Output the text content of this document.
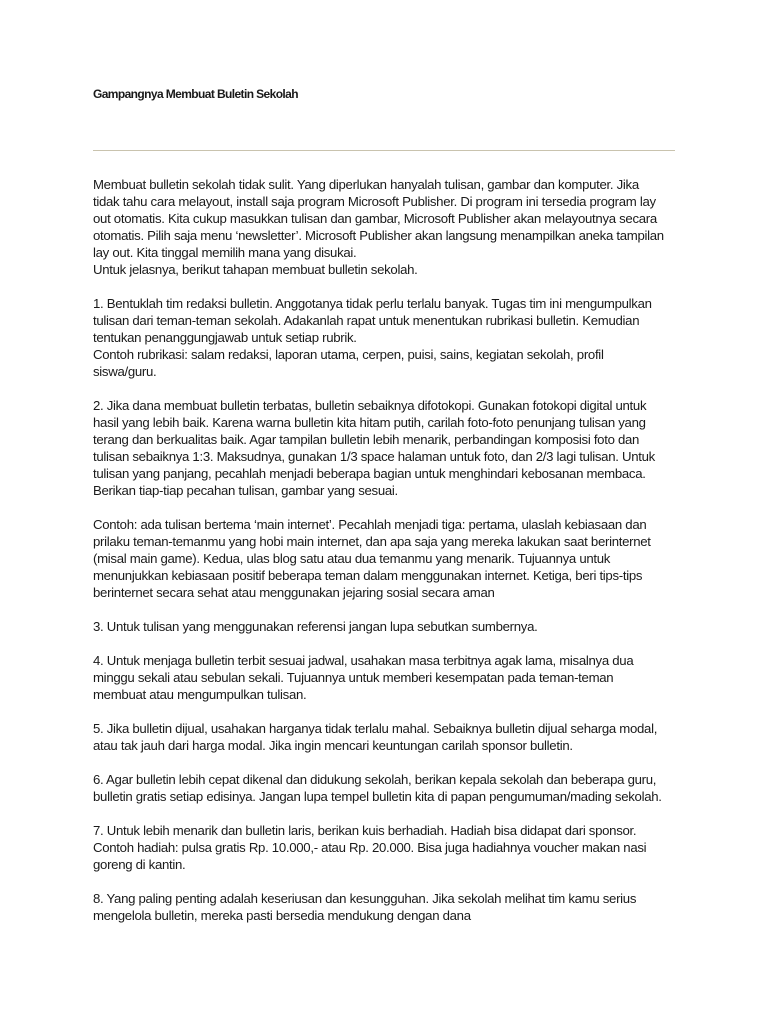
Gampangnya Membuat Buletin Sekolah

Membuat bulletin sekolah tidak sulit. Yang diperlukan hanyalah tulisan, gambar dan komputer. Jika
tidak tahu cara melayout, install saja program Microsoft Publisher. Di program ini tersedia program lay
out otomatis. Kita cukup masukkan tulisan dan gambar, Microsoft Publisher akan melayoutnya secara
otomatis. Pilih saja menu ‘newsletter’. Microsoft Publisher akan langsung menampilkan aneka tampilan
lay out. Kita tinggal memilih mana yang disukai.
Untuk jelasnya, berikut tahapan membuat bulletin sekolah.

1. Bentuklah tim redaksi bulletin. Anggotanya tidak perlu terlalu banyak. Tugas tim ini mengumpulkan
tulisan dari teman-teman sekolah. Adakanlah rapat untuk menentukan rubrikasi bulletin. Kemudian
tentukan penanggungjawab untuk setiap rubrik.
Contoh rubrikasi: salam redaksi, laporan utama, cerpen, puisi, sains, kegiatan sekolah, profil
siswa/guru.

2. Jika dana membuat bulletin terbatas, bulletin sebaiknya difotokopi. Gunakan fotokopi digital untuk
hasil yang lebih baik. Karena warna bulletin kita hitam putih, carilah foto-foto penunjang tulisan yang
terang dan berkualitas baik. Agar tampilan bulletin lebih menarik, perbandingan komposisi foto dan
tulisan sebaiknya 1:3. Maksudnya, gunakan 1/3 space halaman untuk foto, dan 2/3 lagi tulisan. Untuk
tulisan yang panjang, pecahlah menjadi beberapa bagian untuk menghindari kebosanan membaca.
Berikan tiap-tiap pecahan tulisan, gambar yang sesuai.

Contoh: ada tulisan bertema ‘main internet’. Pecahlah menjadi tiga: pertama, ulaslah kebiasaan dan
prilaku teman-temanmu yang hobi main internet, dan apa saja yang mereka lakukan saat berinternet
(misal main game). Kedua, ulas blog satu atau dua temanmu yang menarik. Tujuannya untuk
menunjukkan kebiasaan positif beberapa teman dalam menggunakan internet. Ketiga, beri tips-tips
berinternet secara sehat atau menggunakan jejaring sosial secara aman

3. Untuk tulisan yang menggunakan referensi jangan lupa sebutkan sumbernya.

4. Untuk menjaga bulletin terbit sesuai jadwal, usahakan masa terbitnya agak lama, misalnya dua
minggu sekali atau sebulan sekali. Tujuannya untuk memberi kesempatan pada teman-teman
membuat atau mengumpulkan tulisan.

5. Jika bulletin dijual, usahakan harganya tidak terlalu mahal. Sebaiknya bulletin dijual seharga modal,
atau tak jauh dari harga modal. Jika ingin mencari keuntungan carilah sponsor bulletin.

6. Agar bulletin lebih cepat dikenal dan didukung sekolah, berikan kepala sekolah dan beberapa guru,
bulletin gratis setiap edisinya. Jangan lupa tempel bulletin kita di papan pengumuman/mading sekolah.

7. Untuk lebih menarik dan bulletin laris, berikan kuis berhadiah. Hadiah bisa didapat dari sponsor.
Contoh hadiah: pulsa gratis Rp. 10.000,- atau Rp. 20.000. Bisa juga hadiahnya voucher makan nasi
goreng di kantin.

8. Yang paling penting adalah keseriusan dan kesungguhan. Jika sekolah melihat tim kamu serius
mengelola bulletin, mereka pasti bersedia mendukung dengan dana
